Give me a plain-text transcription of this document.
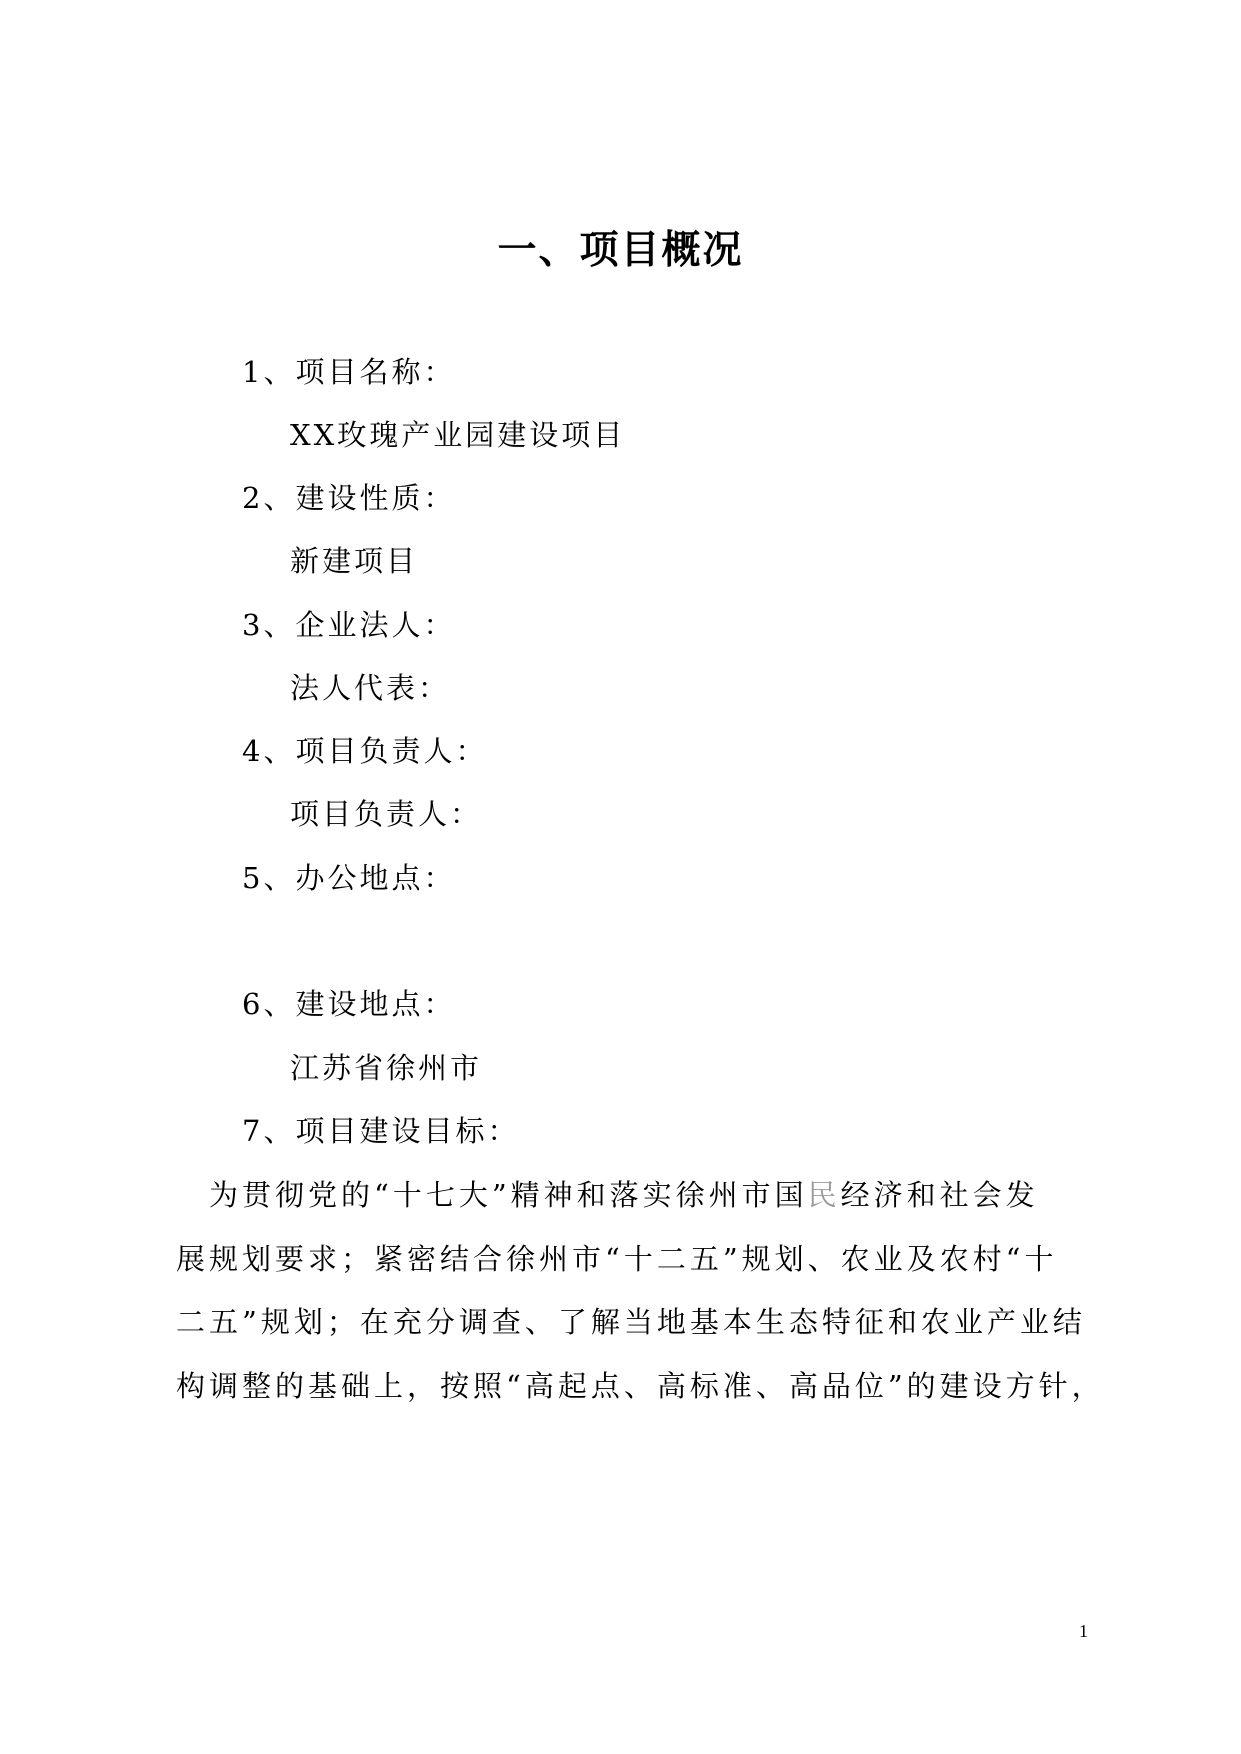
一、项目概况
1、项目名称：
XX玫瑰产业园建设项目
2、建设性质：
新建项目
3、企业法人：
法人代表：
4、项目负责人：
项目负责人：
5、办公地点：
6、建设地点：
江苏省徐州市
7、项目建设目标：
　为贯彻党的“十七大”精神和落实徐州市国民经济和社会发
展规划要求；紧密结合徐州市“十二五”规划、农业及农村“十
二五”规划；在充分调查、了解当地基本生态特征和农业产业结
构调整的基础上，按照“高起点、高标准、高品位”的建设方针，
1
